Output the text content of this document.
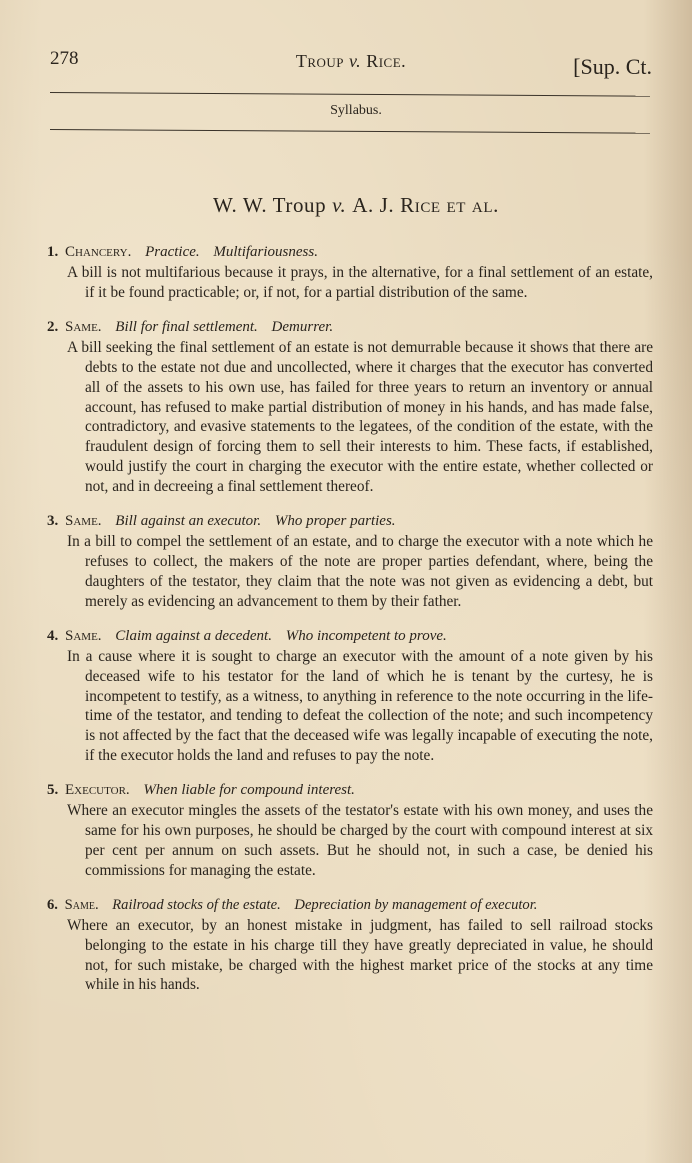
278	Troup v. Rice.	[Sup. Ct.
Syllabus.
W. W. Troup v. A. J. Rice et al.
1. Chancery. Practice. Multifariousness.
A bill is not multifarious because it prays, in the alternative, for a final settlement of an estate, if it be found practicable; or, if not, for a partial distribution of the same.
2. Same. Bill for final settlement. Demurrer.
A bill seeking the final settlement of an estate is not demurrable because it shows that there are debts to the estate not due and uncollected, where it charges that the executor has converted all of the assets to his own use, has failed for three years to return an inventory or annual account, has refused to make partial distribution of money in his hands, and has made false, contradictory, and evasive statements to the legatees, of the condition of the estate, with the fraudulent design of forcing them to sell their interests to him. These facts, if established, would justify the court in charging the executor with the entire estate, whether collected or not, and in decreeing a final settlement thereof.
3. Same. Bill against an executor. Who proper parties.
In a bill to compel the settlement of an estate, and to charge the executor with a note which he refuses to collect, the makers of the note are proper parties defendant, where, being the daughters of the testator, they claim that the note was not given as evidencing a debt, but merely as evidencing an advancement to them by their father.
4. Same. Claim against a decedent. Who incompetent to prove.
In a cause where it is sought to charge an executor with the amount of a note given by his deceased wife to his testator for the land of which he is tenant by the curtesy, he is incompetent to testify, as a witness, to anything in reference to the note occurring in the life-time of the testator, and tending to defeat the collection of the note; and such incompetency is not affected by the fact that the deceased wife was legally incapable of executing the note, if the executor holds the land and refuses to pay the note.
5. Executor. When liable for compound interest.
Where an executor mingles the assets of the testator's estate with his own money, and uses the same for his own purposes, he should be charged by the court with compound interest at six per cent per annum on such assets. But he should not, in such a case, be denied his commissions for managing the estate.
6. Same. Railroad stocks of the estate. Depreciation by management of executor.
Where an executor, by an honest mistake in judgment, has failed to sell railroad stocks belonging to the estate in his charge till they have greatly depreciated in value, he should not, for such mistake, be charged with the highest market price of the stocks at any time while in his hands.
